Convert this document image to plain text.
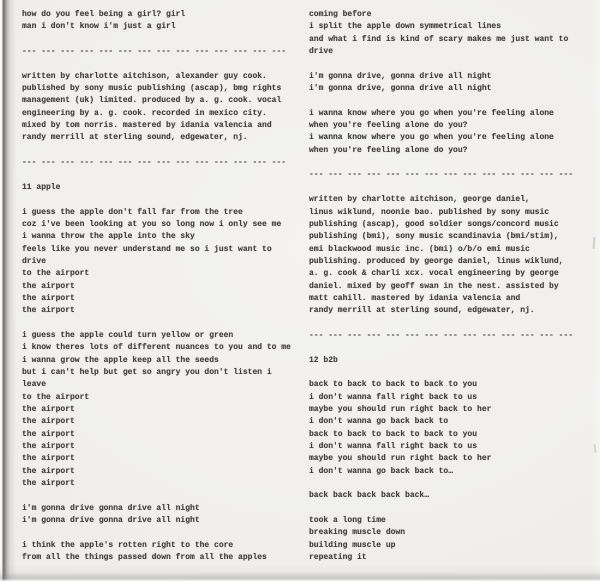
how do you feel being a girl? girl
man i don't know i'm just a girl
--- --- --- --- --- --- --- --- --- --- --- --- --- ---
written by charlotte aitchison, alexander guy cook.
published by sony music publishing (ascap), bmg rights
management (uk) limited. produced by a. g. cook. vocal
engineering by a. g. cook. recorded in mexico city.
mixed by tom norris. mastered by idania valencia and
randy merrill at sterling sound, edgewater, nj.
--- --- --- --- --- --- --- --- --- --- --- --- --- ---
11 apple
i guess the apple don't fall far from the tree
coz i've been looking at you so long now i only see me
i wanna throw the apple into the sky
feels like you never understand me so i just want to
drive
to the airport
the airport
the airport
the airport
i guess the apple could turn yellow or green
i know theres lots of different nuances to you and to me
i wanna grow the apple keep all the seeds
but i can't help but get so angry you don't listen i
leave
to the airport
the airport
the airport
the airport
the airport
the airport
the airport
the airport
i'm gonna drive gonna drive all night
i'm gonna drive gonna drive all night
i think the apple's rotten right to the core
from all the things passed down from all the apples
coming before
i split the apple down symmetrical lines
and what i find is kind of scary makes me just want to
drive
i'm gonna drive, gonna drive all night
i'm gonna drive, gonna drive all night
i wanna know where you go when you're feeling alone
when you're feeling alone do you?
i wanna know where you go when you're feeling alone
when you're feeling alone do you?
--- --- --- --- --- --- --- --- --- --- --- --- --- ---
written by charlotte aitchison, george daniel,
linus wiklund, noonie bao. published by sony music
publishing (ascap), good soldier songs/concord music
publishing (bmi), sony music scandinavia (bmi/stim),
emi blackwood music inc. (bmi) o/b/o emi music
publishing. produced by george daniel, linus wiklund,
a. g. cook & charli xcx. vocal engineering by george
daniel. mixed by geoff swan in the nest. assisted by
matt cahill. mastered by idania valencia and
randy merrill at sterling sound, edgewater, nj.
--- --- --- --- --- --- --- --- --- --- --- --- --- ---
12 b2b
back to back to back to back to you
i don't wanna fall right back to us
maybe you should run right back to her
i don't wanna go back back to
back to back to back to back to you
i don't wanna fall right back to us
maybe you should run right back to her
i don't wanna go back back to…
back back back back back…
took a long time
breaking muscle down
building muscle up
repeating it
